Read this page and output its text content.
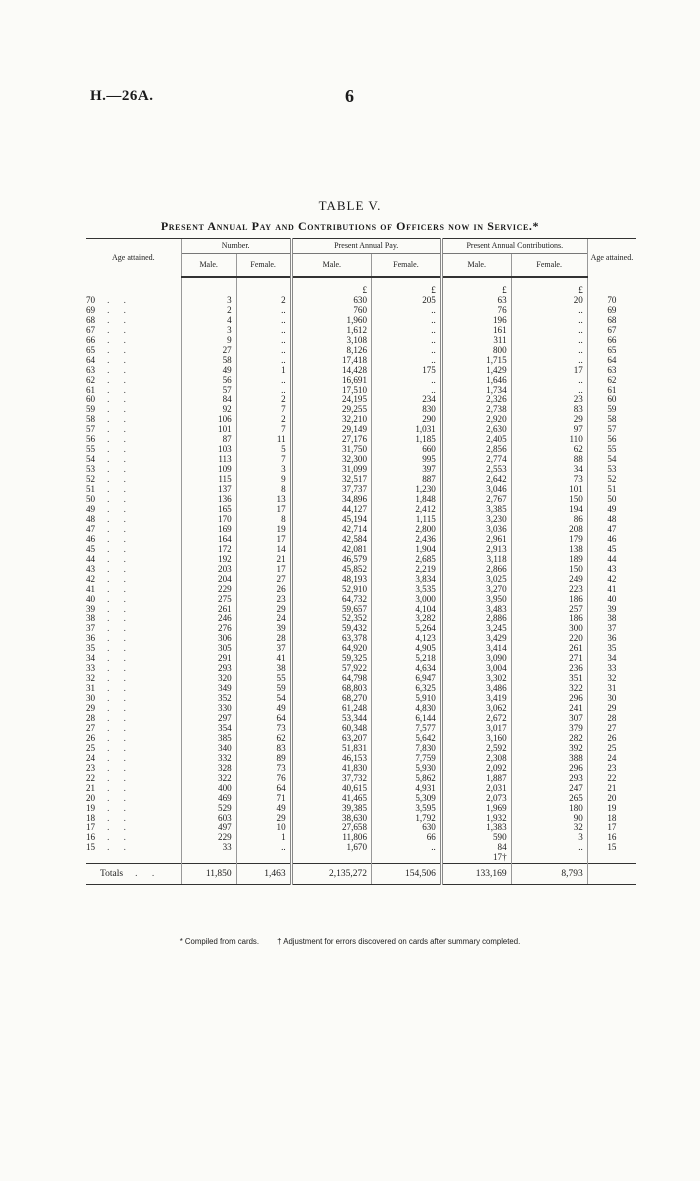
H.—26A.	6
TABLE V.
Present Annual Pay and Contributions of Officers now in Service.*
Age attained.	Number.		Present Annual Pay.		Present Annual Contributions.		Age attained.
	Male.	Female.	Male.	Female.	Male.	Female.	
			£	£	£	£	
70 . .	3	2	630	205	63	20	70
69 . .	2	..	760	..	76	..	69
68 . .	4	..	1,960	..	196	..	68
67 . .	3	..	1,612	..	161	..	67
66 . .	9	..	3,108	..	311	..	66
65 . .	27	..	8,126	..	800	..	65
64 . .	58	..	17,418	..	1,715	..	64
63 . .	49	1	14,428	175	1,429	17	63
62 . .	56	..	16,691	..	1,646	..	62
61 . .	57	..	17,510	..	1,734	..	61
60 . .	84	2	24,195	234	2,326	23	60
59 . .	92	7	29,255	830	2,738	83	59
58 . .	106	2	32,210	290	2,920	29	58
57 . .	101	7	29,149	1,031	2,630	97	57
56 . .	87	11	27,176	1,185	2,405	110	56
55 . .	103	5	31,750	660	2,856	62	55
54 . .	113	7	32,300	995	2,774	88	54
53 . .	109	3	31,099	397	2,553	34	53
52 . .	115	9	32,517	887	2,642	73	52
51 . .	137	8	37,737	1,230	3,046	101	51
50 . .	136	13	34,896	1,848	2,767	150	50
49 . .	165	17	44,127	2,412	3,385	194	49
48 . .	170	8	45,194	1,115	3,230	86	48
47 . .	169	19	42,714	2,800	3,036	208	47
46 . .	164	17	42,584	2,436	2,961	179	46
45 . .	172	14	42,081	1,904	2,913	138	45
44 . .	192	21	46,579	2,685	3,118	189	44
43 . .	203	17	45,852	2,219	2,866	150	43
42 . .	204	27	48,193	3,834	3,025	249	42
41 . .	229	26	52,910	3,535	3,270	223	41
40 . .	275	23	64,732	3,000	3,950	186	40
39 . .	261	29	59,657	4,104	3,483	257	39
38 . .	246	24	52,352	3,282	2,886	186	38
37 . .	276	39	59,432	5,264	3,245	300	37
36 . .	306	28	63,378	4,123	3,429	220	36
35 . .	305	37	64,920	4,905	3,414	261	35
34 . .	291	41	59,325	5,218	3,090	271	34
33 . .	293	38	57,922	4,634	3,004	236	33
32 . .	320	55	64,798	6,947	3,302	351	32
31 . .	349	59	68,803	6,325	3,486	322	31
30 . .	352	54	68,270	5,910	3,419	296	30
29 . .	330	49	61,248	4,830	3,062	241	29
28 . .	297	64	53,344	6,144	2,672	307	28
27 . .	354	73	60,348	7,577	3,017	379	27
26 . .	385	62	63,207	5,642	3,160	282	26
25 . .	340	83	51,831	7,830	2,592	392	25
24 . .	332	89	46,153	7,759	2,308	388	24
23 . .	328	73	41,830	5,930	2,092	296	23
22 . .	322	76	37,732	5,862	1,887	293	22
21 . .	400	64	40,615	4,931	2,031	247	21
20 . .	469	71	41,465	5,309	2,073	265	20
19 . .	529	49	39,385	3,595	1,969	180	19
18 . .	603	29	38,630	1,792	1,932	90	18
17 . .	497	10	27,658	630	1,383	32	17
16 . .	229	1	11,806	66	590	3	16
15 . .	33	..	1,670	..	84	..	15
					17†		
Totals . .	11,850	1,463	2,135,272	154,506	133,169	8,793	
* Compiled from cards. † Adjustment for errors discovered on cards after summary completed.
